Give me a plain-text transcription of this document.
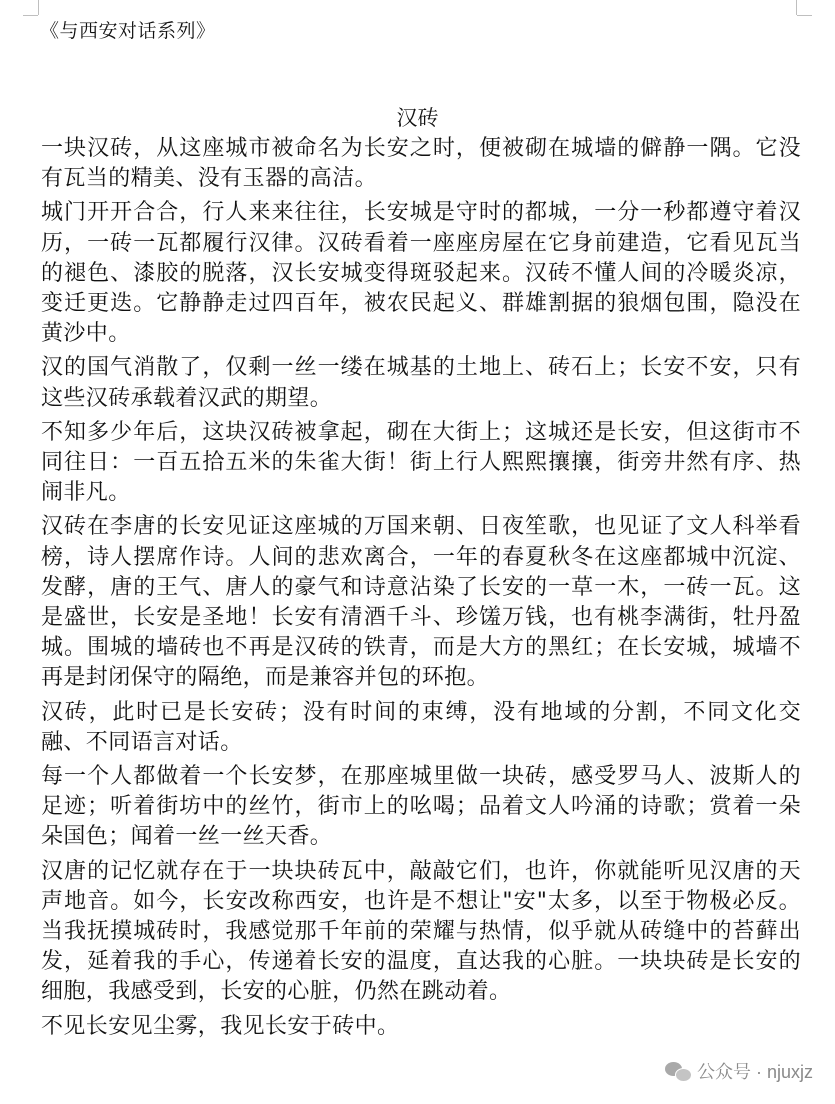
《与西安对话系列》
汉砖

一块汉砖，从这座城市被命名为长安之时，便被砌在城墙的僻静一隅。它没有瓦当的精美、没有玉器的高洁。

城门开开合合，行人来来往往，长安城是守时的都城，一分一秒都遵守着汉历，一砖一瓦都履行汉律。汉砖看着一座座房屋在它身前建造，它看见瓦当的褪色、漆胶的脱落，汉长安城变得斑驳起来。汉砖不懂人间的冷暖炎凉，变迁更迭。它静静走过四百年，被农民起义、群雄割据的狼烟包围，隐没在黄沙中。

汉的国气消散了，仅剩一丝一缕在城基的土地上、砖石上；长安不安，只有这些汉砖承载着汉武的期望。

不知多少年后，这块汉砖被拿起，砌在大街上；这城还是长安，但这街市不同往日：一百五拾五米的朱雀大街！街上行人熙熙攘攘，街旁井然有序、热闹非凡。

汉砖在李唐的长安见证这座城的万国来朝、日夜笙歌，也见证了文人科举看榜，诗人摆席作诗。人间的悲欢离合，一年的春夏秋冬在这座都城中沉淀、发酵，唐的王气、唐人的豪气和诗意沾染了长安的一草一木，一砖一瓦。这是盛世，长安是圣地！长安有清酒千斗、珍馐万钱，也有桃李满街，牡丹盈城。围城的墙砖也不再是汉砖的铁青，而是大方的黑红；在长安城，城墙不再是封闭保守的隔绝，而是兼容并包的环抱。

汉砖，此时已是长安砖；没有时间的束缚，没有地域的分割，不同文化交融、不同语言对话。

每一个人都做着一个长安梦，在那座城里做一块砖，感受罗马人、波斯人的足迹；听着街坊中的丝竹，街市上的吆喝；品着文人吟涌的诗歌；赏着一朵朵国色；闻着一丝一丝天香。

汉唐的记忆就存在于一块块砖瓦中，敲敲它们，也许，你就能听见汉唐的天声地音。如今，长安改称西安，也许是不想让"安"太多，以至于物极必反。当我抚摸城砖时，我感觉那千年前的荣耀与热情，似乎就从砖缝中的苔藓出发，延着我的手心，传递着长安的温度，直达我的心脏。一块块砖是长安的细胞，我感受到，长安的心脏，仍然在跳动着。

不见长安见尘雾，我见长安于砖中。

公众号 · njuxjz
